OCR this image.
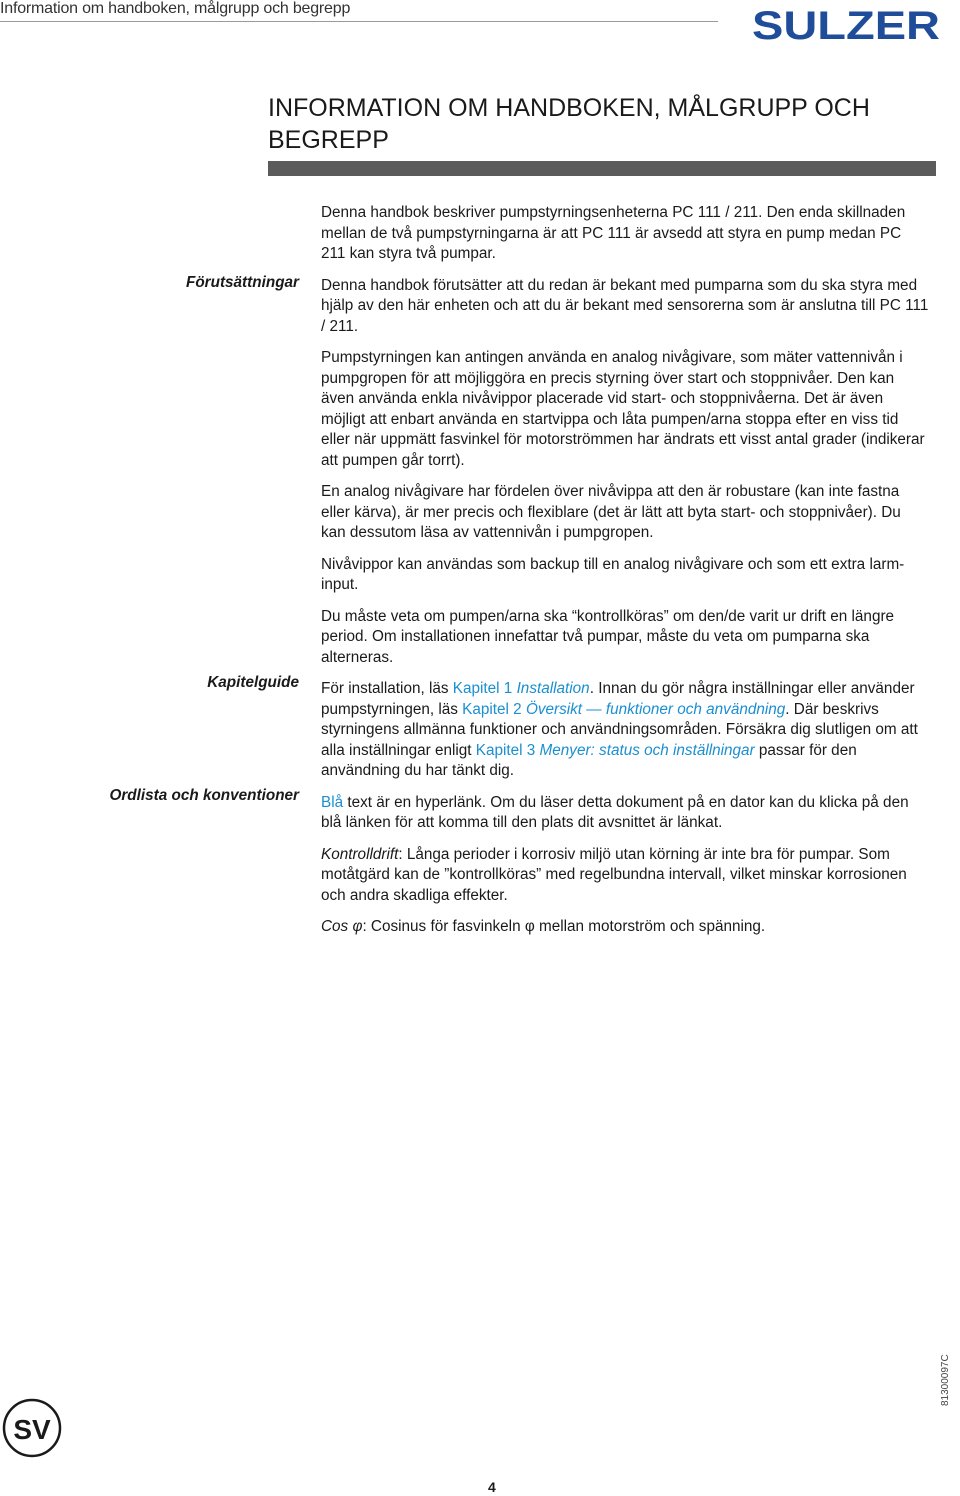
Information om handboken, målgrupp och begrepp	SULZER
INFORMATION OM HANDBOKEN, MÅLGRUPP OCH
BEGREPP
Förutsättningar
Kapitelguide
Ordlista och konventioner

Denna handbok beskriver pumpstyrningsenheterna PC 111 / 211. Den enda skillnaden mellan de två pumpstyrningarna är att PC 111 är avsedd att styra en pump medan PC 211 kan styra två pumpar.

Denna handbok förutsätter att du redan är bekant med pumparna som du ska styra med hjälp av den här enheten och att du är bekant med sensorerna som är anslutna till PC 111 / 211.

Pumpstyrningen kan antingen använda en analog nivågivare, som mäter vattennivån i pumpgropen för att möjliggöra en precis styrning över start och stoppnivåer. Den kan även använda enkla nivåvippor placerade vid start- och stoppnivåerna. Det är även möjligt att enbart använda en startvippa och låta pumpen/arna stoppa efter en viss tid eller när uppmätt fasvinkel för motorströmmen har ändrats ett visst antal grader (indikerar att pumpen går torrt).

En analog nivågivare har fördelen över nivåvippa att den är robustare (kan inte fastna eller kärva), är mer precis och flexiblare (det är lätt att byta start- och stoppnivåer). Du kan dessutom läsa av vattennivån i pumpgropen.

Nivåvippor kan användas som backup till en analog nivågivare och som ett extra larm-input.

Du måste veta om pumpen/arna ska “kontrollköras” om den/de varit ur drift en längre period. Om installationen innefattar två pumpar, måste du veta om pumparna ska alterneras.

För installation, läs Kapitel 1 Installation. Innan du gör några inställningar eller använder pumpstyrningen, läs Kapitel 2 Översikt — funktioner och användning. Där beskrivs styrningens allmänna funktioner och användningsområden. Försäkra dig slutligen om att alla inställningar enligt Kapitel 3 Menyer: status och inställningar passar för den användning du har tänkt dig.

Blå text är en hyperlänk. Om du läser detta dokument på en dator kan du klicka på den blå länken för att komma till den plats dit avsnittet är länkat.

Kontrolldrift: Långa perioder i korrosiv miljö utan körning är inte bra för pumpar. Som motåtgärd kan de ”kontrollköras” med regelbundna intervall, vilket minskar korrosionen och andra skadliga effekter.

Cos φ: Cosinus för fasvinkeln φ mellan motorström och spänning.

SV
81300097C
4
